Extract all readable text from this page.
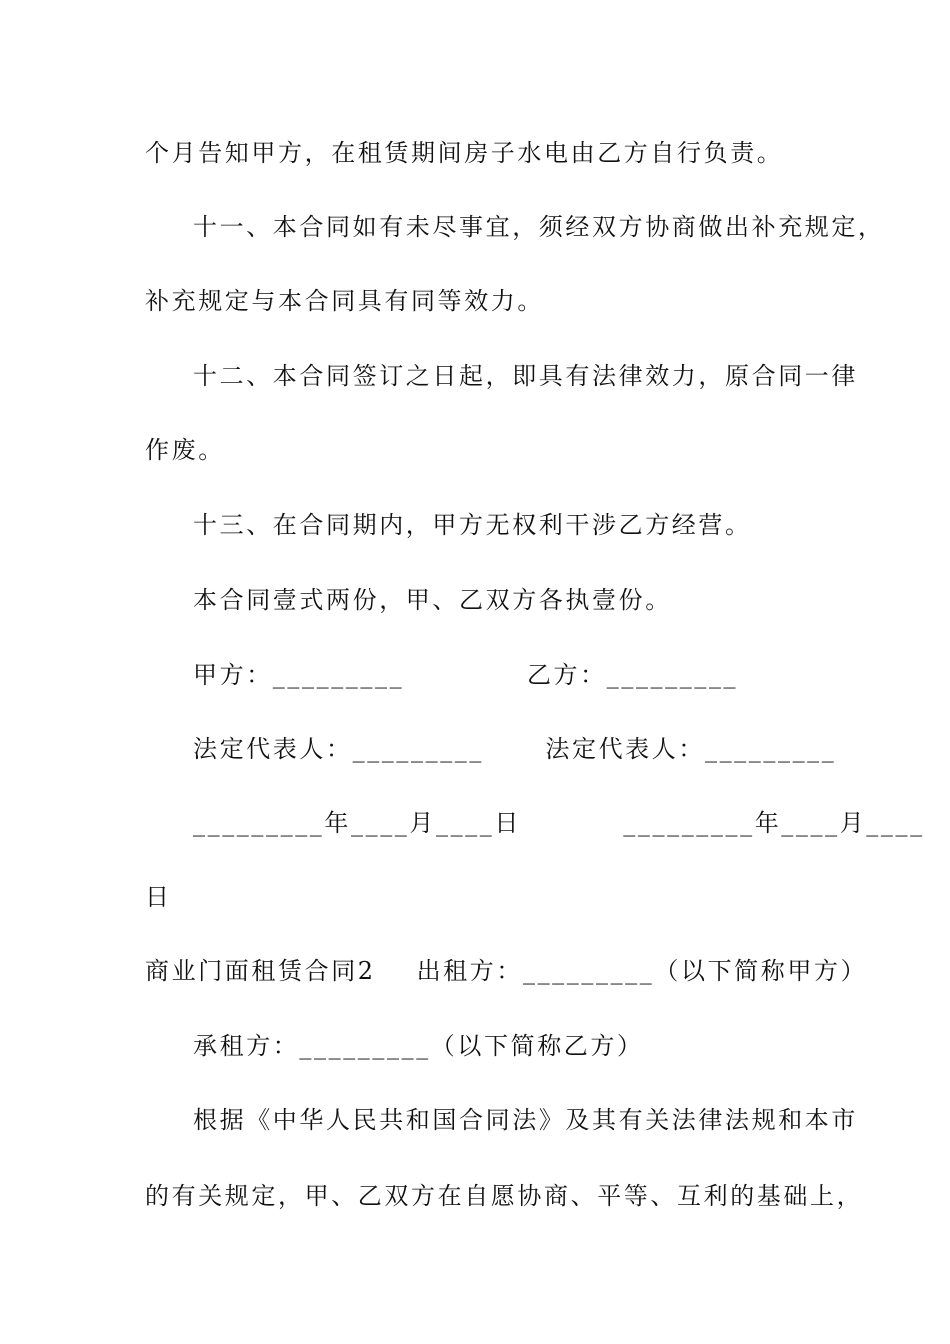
个月告知甲方，在租赁期间房子水电由乙方自行负责。
十一、本合同如有未尽事宜，须经双方协商做出补充规定，
补充规定与本合同具有同等效力。
十二、本合同签订之日起，即具有法律效力，原合同一律
作废。
十三、在合同期内，甲方无权利干涉乙方经营。
本合同壹式两份，甲、乙双方各执壹份。
甲方：_________            乙方：_________
法定代表人：_________      法定代表人：_________
_________年____月____日          _________年____月____
日
商业门面租赁合同2    出租方：_________（以下简称甲方）
承租方：_________（以下简称乙方）
根据《中华人民共和国合同法》及其有关法律法规和本市
的有关规定，甲、乙双方在自愿协商、平等、互利的基础上，
